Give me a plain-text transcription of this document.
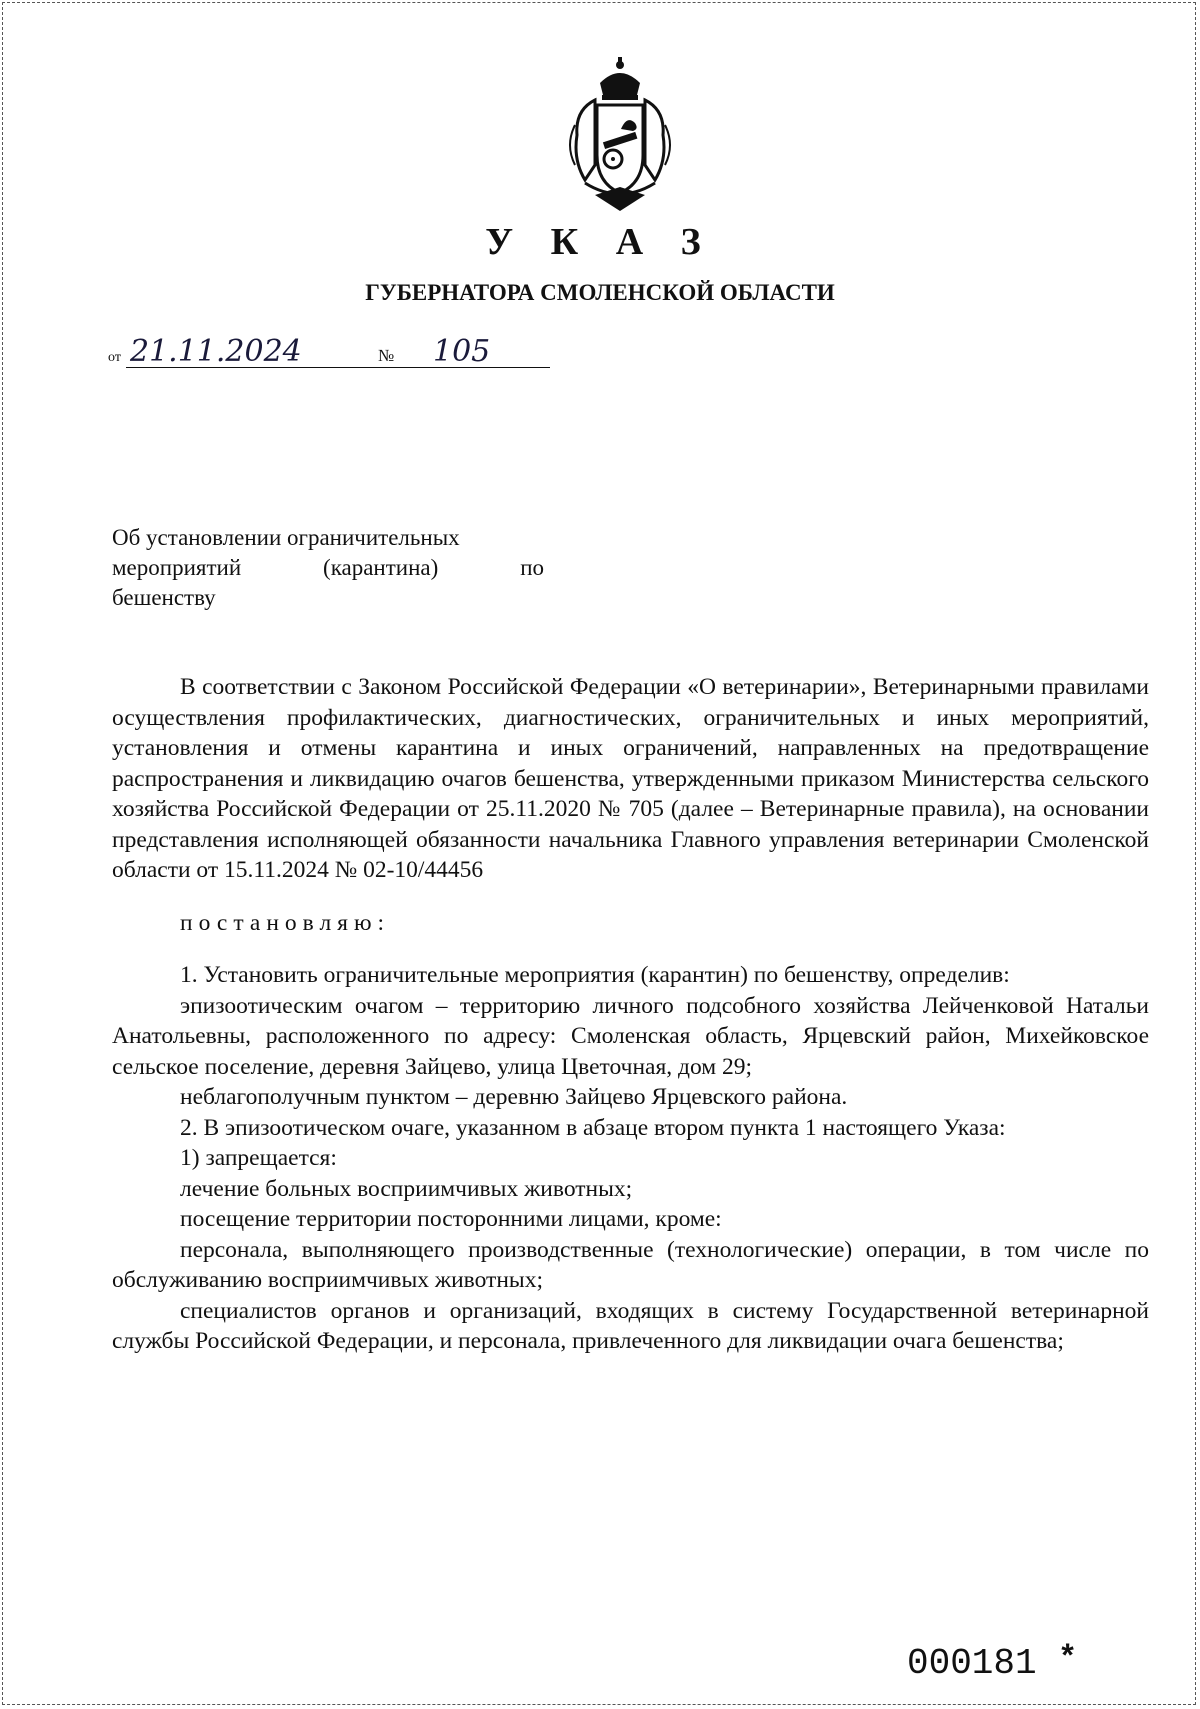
У К А З
ГУБЕРНАТОРА СМОЛЕНСКОЙ ОБЛАСТИ
от 21.11.2024	№ 105
Об установлении ограничительных
мероприятий (карантина) по
бешенству

В соответствии с Законом Российской Федерации «О ветеринарии», Ветеринарными правилами осуществления профилактических, диагностических, ограничительных и иных мероприятий, установления и отмены карантина и иных ограничений, направленных на предотвращение распространения и ликвидацию очагов бешенства, утвержденными приказом Министерства сельского хозяйства Российской Федерации от 25.11.2020 № 705 (далее – Ветеринарные правила), на основании представления исполняющей обязанности начальника Главного управления ветеринарии Смоленской области от 15.11.2024 № 02-10/44456

постановляю:

1. Установить ограничительные мероприятия (карантин) по бешенству, определив:

эпизоотическим очагом – территорию личного подсобного хозяйства Лейченковой Натальи Анатольевны, расположенного по адресу: Смоленская область, Ярцевский район, Михейковское сельское поселение, деревня Зайцево, улица Цветочная, дом 29;

неблагополучным пунктом – деревню Зайцево Ярцевского района.

2. В эпизоотическом очаге, указанном в абзаце втором пункта 1 настоящего Указа:

1) запрещается:

лечение больных восприимчивых животных;

посещение территории посторонними лицами, кроме:

персонала, выполняющего производственные (технологические) операции, в том числе по обслуживанию восприимчивых животных;

специалистов органов и организаций, входящих в систему Государственной ветеринарной службы Российской Федерации, и персонала, привлеченного для ликвидации очага бешенства;

000181 *
